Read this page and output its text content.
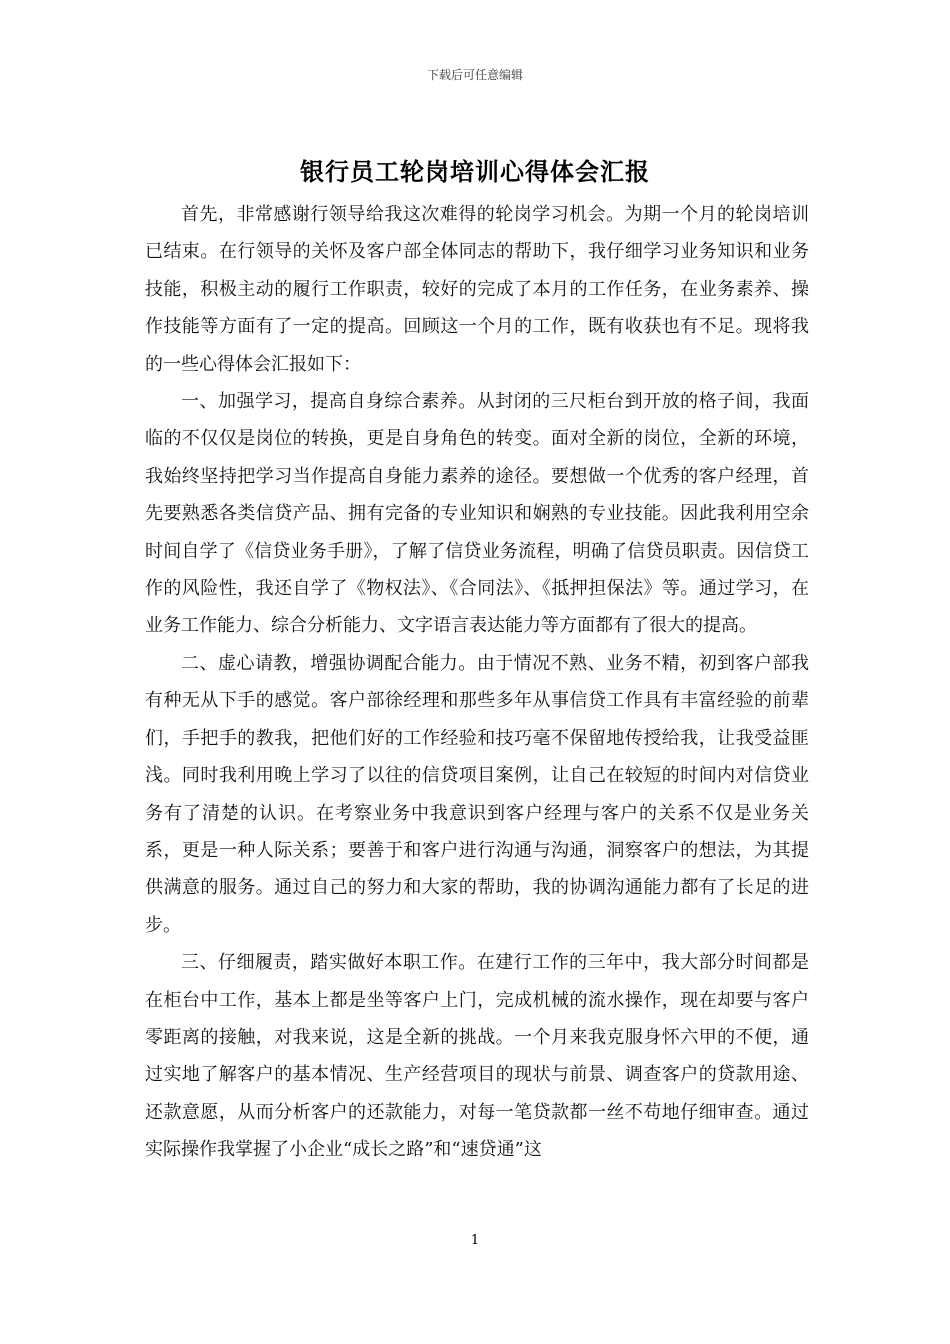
下载后可任意编辑
银行员工轮岗培训心得体会汇报

首先，非常感谢行领导给我这次难得的轮岗学习机会。为期一个月的轮岗培训已结束。在行领导的关怀及客户部全体同志的帮助下，我仔细学习业务知识和业务技能，积极主动的履行工作职责，较好的完成了本月的工作任务，在业务素养、操作技能等方面有了一定的提高。回顾这一个月的工作，既有收获也有不足。现将我的一些心得体会汇报如下：

一、加强学习，提高自身综合素养。从封闭的三尺柜台到开放的格子间，我面临的不仅仅是岗位的转换，更是自身角色的转变。面对全新的岗位，全新的环境，我始终坚持把学习当作提高自身能力素养的途径。要想做一个优秀的客户经理，首先要熟悉各类信贷产品、拥有完备的专业知识和娴熟的专业技能。因此我利用空余时间自学了《信贷业务手册》，了解了信贷业务流程，明确了信贷员职责。因信贷工作的风险性，我还自学了《物权法》、《合同法》、《抵押担保法》等。通过学习，在业务工作能力、综合分析能力、文字语言表达能力等方面都有了很大的提高。

二、虚心请教，增强协调配合能力。由于情况不熟、业务不精，初到客户部我有种无从下手的感觉。客户部徐经理和那些多年从事信贷工作具有丰富经验的前辈们，手把手的教我，把他们好的工作经验和技巧毫不保留地传授给我，让我受益匪浅。同时我利用晚上学习了以往的信贷项目案例，让自己在较短的时间内对信贷业务有了清楚的认识。在考察业务中我意识到客户经理与客户的关系不仅是业务关系，更是一种人际关系；要善于和客户进行沟通与沟通，洞察客户的想法，为其提供满意的服务。通过自己的努力和大家的帮助，我的协调沟通能力都有了长足的进步。

三、仔细履责，踏实做好本职工作。在建行工作的三年中，我大部分时间都是在柜台中工作，基本上都是坐等客户上门，完成机械的流水操作，现在却要与客户零距离的接触，对我来说，这是全新的挑战。一个月来我克服身怀六甲的不便，通过实地了解客户的基本情况、生产经营项目的现状与前景、调查客户的贷款用途、还款意愿，从而分析客户的还款能力，对每一笔贷款都一丝不苟地仔细审查。通过实际操作我掌握了小企业“成长之路”和“速贷通”这

1
